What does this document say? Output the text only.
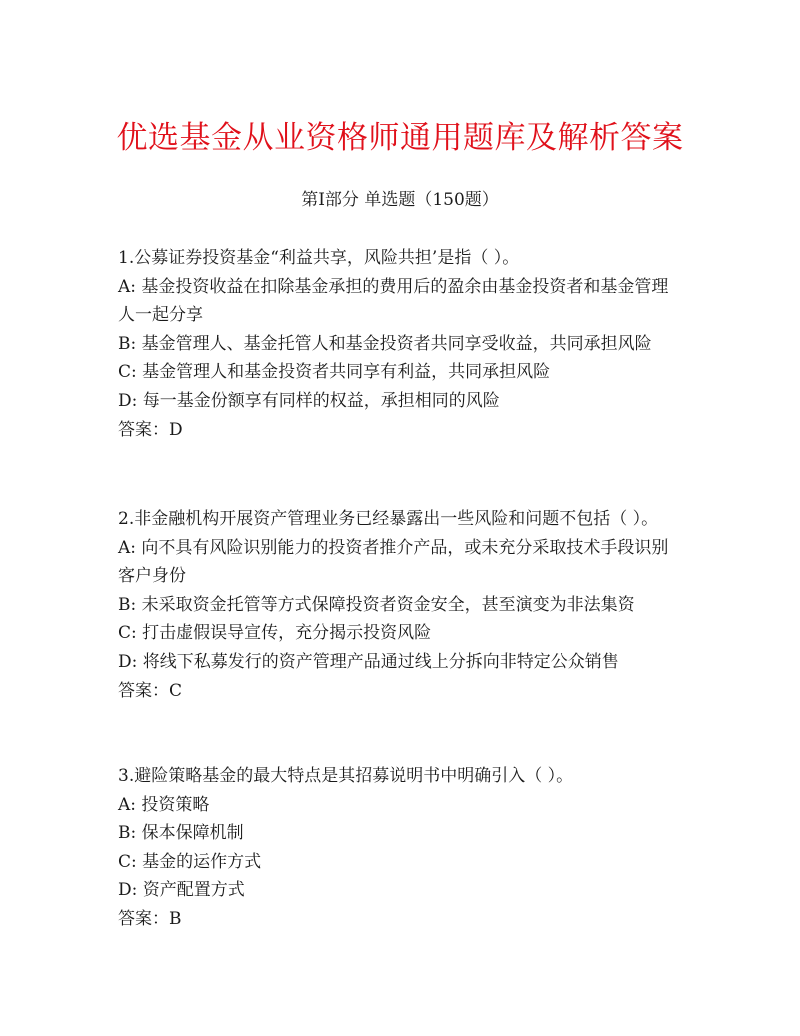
优选基金从业资格师通用题库及解析答案
第Ⅰ部分 单选题（150题）

1.公募证券投资基金“利益共享，风险共担’是指（ ）。

A: 基金投资收益在扣除基金承担的费用后的盈余由基金投资者和基金管理人一起分享

B: 基金管理人、基金托管人和基金投资者共同享受收益，共同承担风险

C: 基金管理人和基金投资者共同享有利益，共同承担风险

D: 每一基金份额享有同样的权益，承担相同的风险

答案：D

2.非金融机构开展资产管理业务已经暴露出一些风险和问题不包括（ ）。

A: 向不具有风险识别能力的投资者推介产品，或未充分采取技术手段识别客户身份

B: 未采取资金托管等方式保障投资者资金安全，甚至演变为非法集资

C: 打击虚假误导宣传，充分揭示投资风险

D: 将线下私募发行的资产管理产品通过线上分拆向非特定公众销售

答案：C

3.避险策略基金的最大特点是其招募说明书中明确引入（ ）。

A: 投资策略

B: 保本保障机制

C: 基金的运作方式

D: 资产配置方式

答案：B
